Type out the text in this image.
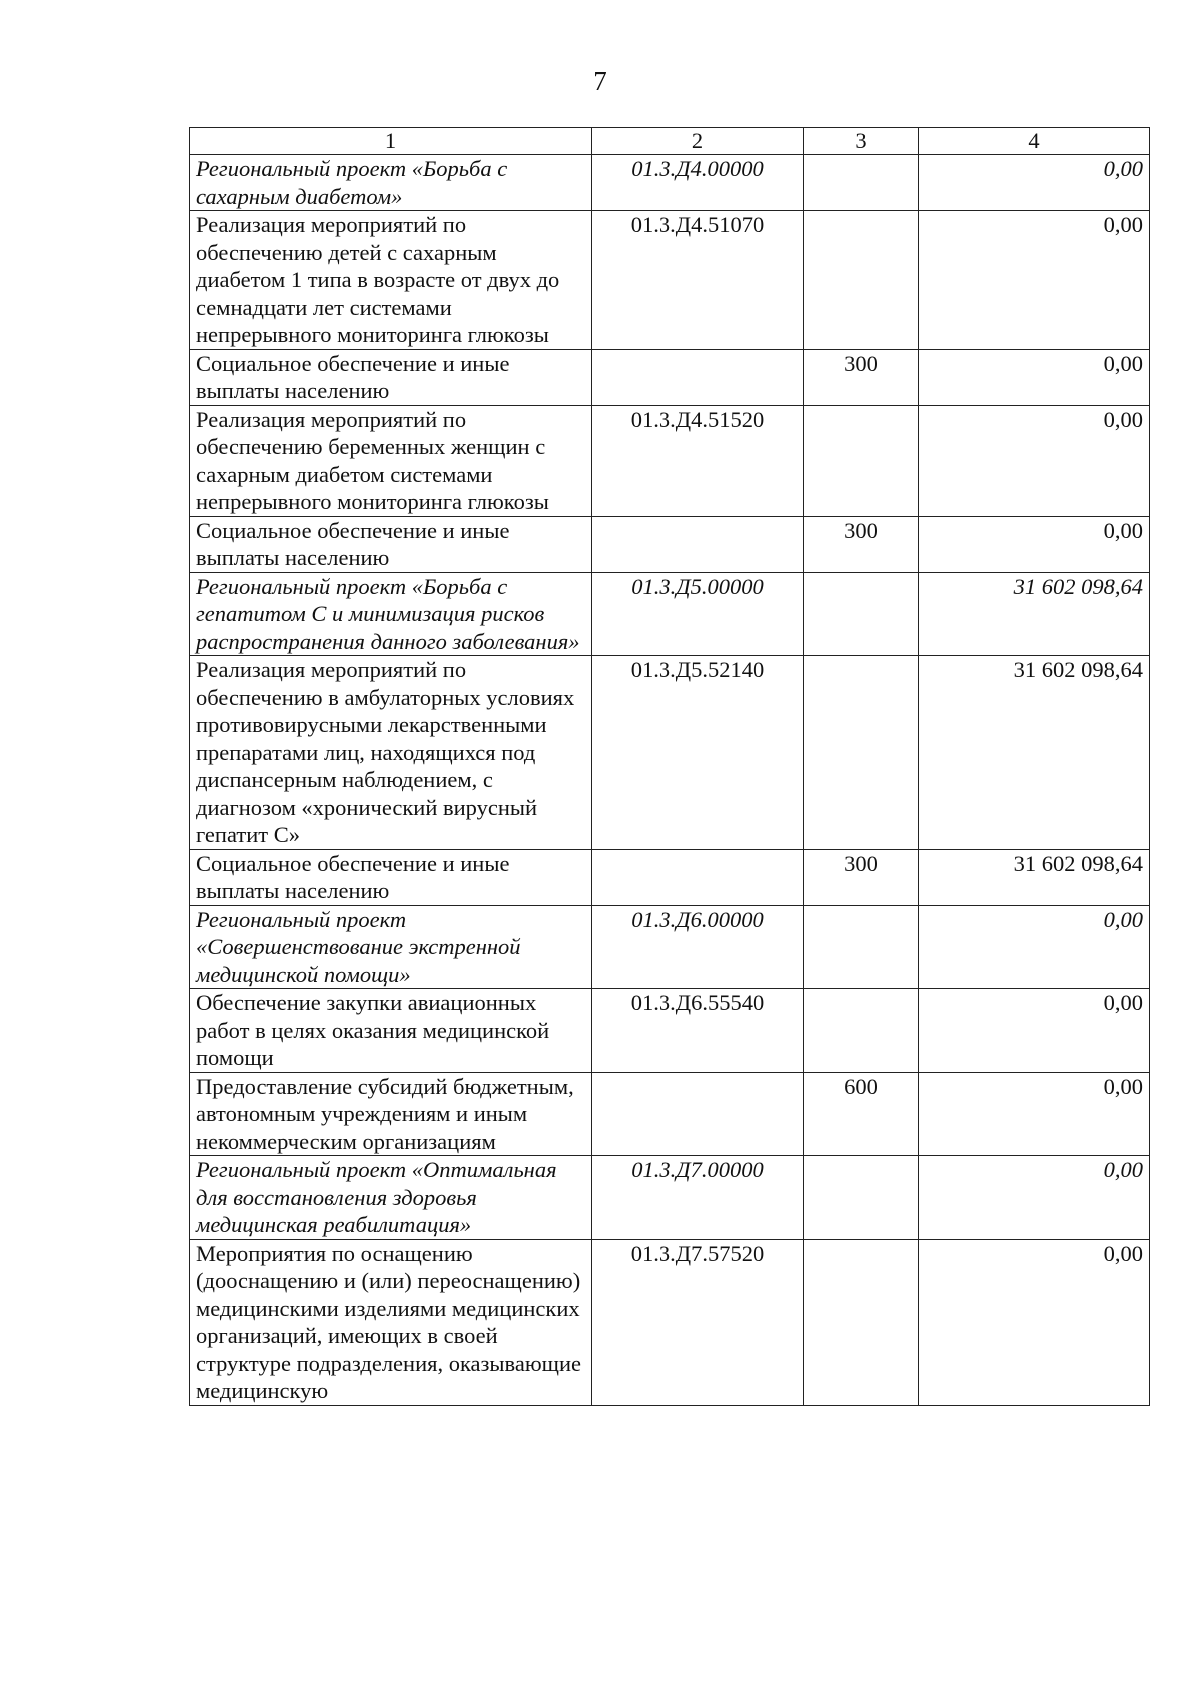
7
1	2	3	4
Региональный проект «Борьба с сахарным диабетом»	01.3.Д4.00000		0,00
Реализация мероприятий по обеспечению детей с сахарным диабетом 1 типа в возрасте от двух до семнадцати лет системами непрерывного мониторинга глюкозы	01.3.Д4.51070		0,00
Социальное обеспечение и иные выплаты населению		300	0,00
Реализация мероприятий по обеспечению беременных женщин с сахарным диабетом системами непрерывного мониторинга глюкозы	01.3.Д4.51520		0,00
Социальное обеспечение и иные выплаты населению		300	0,00
Региональный проект «Борьба с гепатитом С и минимизация рисков распространения данного заболевания»	01.3.Д5.00000		31 602 098,64
Реализация мероприятий по обеспечению в амбулаторных условиях противовирусными лекарственными препаратами лиц, находящихся под диспансерным наблюдением, с диагнозом «хронический вирусный гепатит С»	01.3.Д5.52140		31 602 098,64
Социальное обеспечение и иные выплаты населению		300	31 602 098,64
Региональный проект «Совершенствование экстренной медицинской помощи»	01.3.Д6.00000		0,00
Обеспечение закупки авиационных работ в целях оказания медицинской помощи	01.3.Д6.55540		0,00
Предоставление субсидий бюджетным, автономным учреждениям и иным некоммерческим организациям		600	0,00
Региональный проект «Оптимальная для восстановления здоровья медицинская реабилитация»	01.3.Д7.00000		0,00
Мероприятия по оснащению (дооснащению и (или) переоснащению) медицинскими изделиями медицинских организаций, имеющих в своей структуре подразделения, оказывающие медицинскую	01.3.Д7.57520		0,00
